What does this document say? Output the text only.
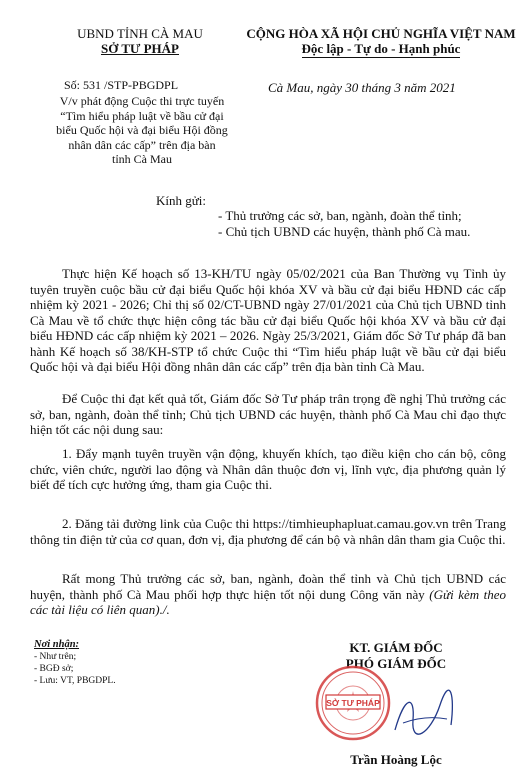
UBND TỈNH CÀ MAU
SỞ TƯ PHÁP
CỘNG HÒA XÃ HỘI CHỦ NGHĨA VIỆT NAM
Độc lập - Tự do - Hạnh phúc
Số: 531 /STP-PBGDPL	Cà Mau, ngày 30 tháng 3 năm 2021
V/v phát động Cuộc thi trực tuyến
“Tìm hiểu pháp luật về bầu cử đại
biểu Quốc hội và đại biểu Hội đồng
nhân dân các cấp” trên địa bàn
tỉnh Cà Mau
Kính gửi:
- Thủ trưởng các sở, ban, ngành, đoàn thể tỉnh;
- Chủ tịch UBND các huyện, thành phố Cà mau.
Thực hiện Kế hoạch số 13-KH/TU ngày 05/02/2021 của Ban Thường vụ Tỉnh ủy tuyên truyền cuộc bầu cử đại biểu Quốc hội khóa XV và bầu cử đại biểu HĐND các cấp nhiệm kỳ 2021 - 2026; Chỉ thị số 02/CT-UBND ngày 27/01/2021 của Chủ tịch UBND tỉnh Cà Mau về tổ chức thực hiện công tác bầu cử đại biểu Quốc hội khóa XV và bầu cử đại biểu HĐND các cấp nhiệm kỳ 2021 – 2026. Ngày 25/3/2021, Giám đốc Sở Tư pháp đã ban hành Kế hoạch số 38/KH-STP tổ chức Cuộc thi “Tìm hiểu pháp luật về bầu cử đại biểu Quốc hội và đại biểu Hội đồng nhân dân các cấp” trên địa bàn tỉnh Cà Mau.
Để Cuộc thi đạt kết quả tốt, Giám đốc Sở Tư pháp trân trọng đề nghị Thủ trưởng các sở, ban, ngành, đoàn thể tỉnh; Chủ tịch UBND các huyện, thành phố Cà Mau chỉ đạo thực hiện tốt các nội dung sau:
1. Đẩy mạnh tuyên truyền vận động, khuyến khích, tạo điều kiện cho cán bộ, công chức, viên chức, người lao động và Nhân dân thuộc đơn vị, lĩnh vực, địa phương quản lý biết để tích cực hưởng ứng, tham gia Cuộc thi.
2. Đăng tải đường link của Cuộc thi https://timhieuphapluat.camau.gov.vn trên Trang thông tin điện tử của cơ quan, đơn vị, địa phương để cán bộ và nhân dân tham gia Cuộc thi.
Rất mong Thủ trưởng các sở, ban, ngành, đoàn thể tỉnh và Chủ tịch UBND các huyện, thành phố Cà Mau phối hợp thực hiện tốt nội dung Công văn này (Gửi kèm theo các tài liệu có liên quan)./.
Nơi nhận:
- Như trên;
- BGĐ sở;
- Lưu: VT, PBGDPL.
KT. GIÁM ĐỐC
PHÓ GIÁM ĐỐC
SỞ TƯ PHÁP
Trần Hoàng Lộc
